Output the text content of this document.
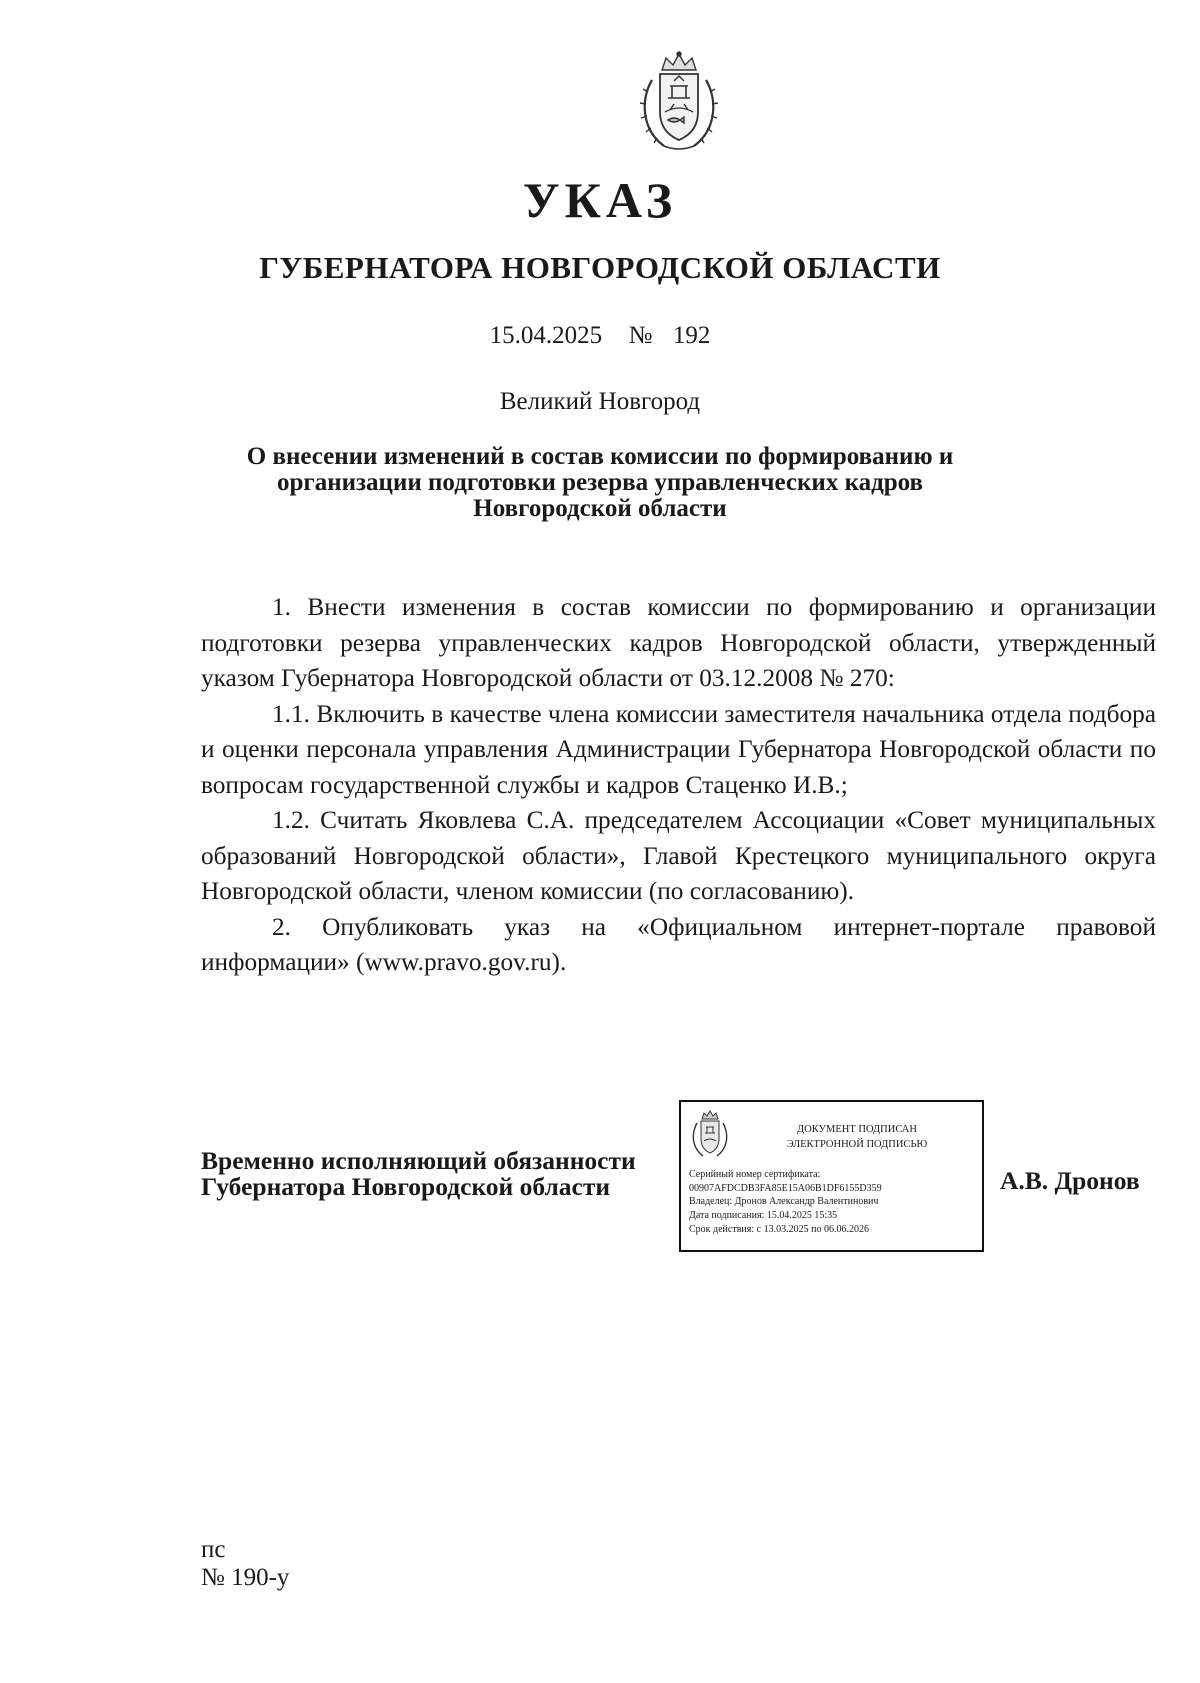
УКАЗ
ГУБЕРНАТОРА НОВГОРОДСКОЙ ОБЛАСТИ
15.04.2025 № 192
Великий Новгород
О внесении изменений в состав комиссии по формированию и
организации подготовки резерва управленческих кадров
Новгородской области

1. Внести изменения в состав комиссии по формированию и организации подготовки резерва управленческих кадров Новгородской области, утвержденный указом Губернатора Новгородской области от 03.12.2008 № 270:

1.1. Включить в качестве члена комиссии заместителя начальника отдела подбора и оценки персонала управления Администрации Губернатора Новгородской области по вопросам государственной службы и кадров Стаценко И.В.;

1.2. Считать Яковлева С.А. председателем Ассоциации «Совет муниципальных образований Новгородской области», Главой Крестецкого муниципального округа Новгородской области, членом комиссии (по согласованию).

2. Опубликовать указ на «Официальном интернет-портале правовой информации» (www.pravo.gov.ru).

Временно исполняющий обязанности
Губернатора Новгородской области
ДОКУМЕНТ ПОДПИСАН
ЭЛЕКТРОННОЙ ПОДПИСЬЮ
Серийный номер сертификата:
00907AFDCDB3FA85E15A06B1DF6155D359
Владелец: Дронов Александр Валентинович
Дата подписания: 15.04.2025 15:35
Срок действия: с 13.03.2025 по 06.06.2026
А.В. Дронов
пс
№ 190-у
